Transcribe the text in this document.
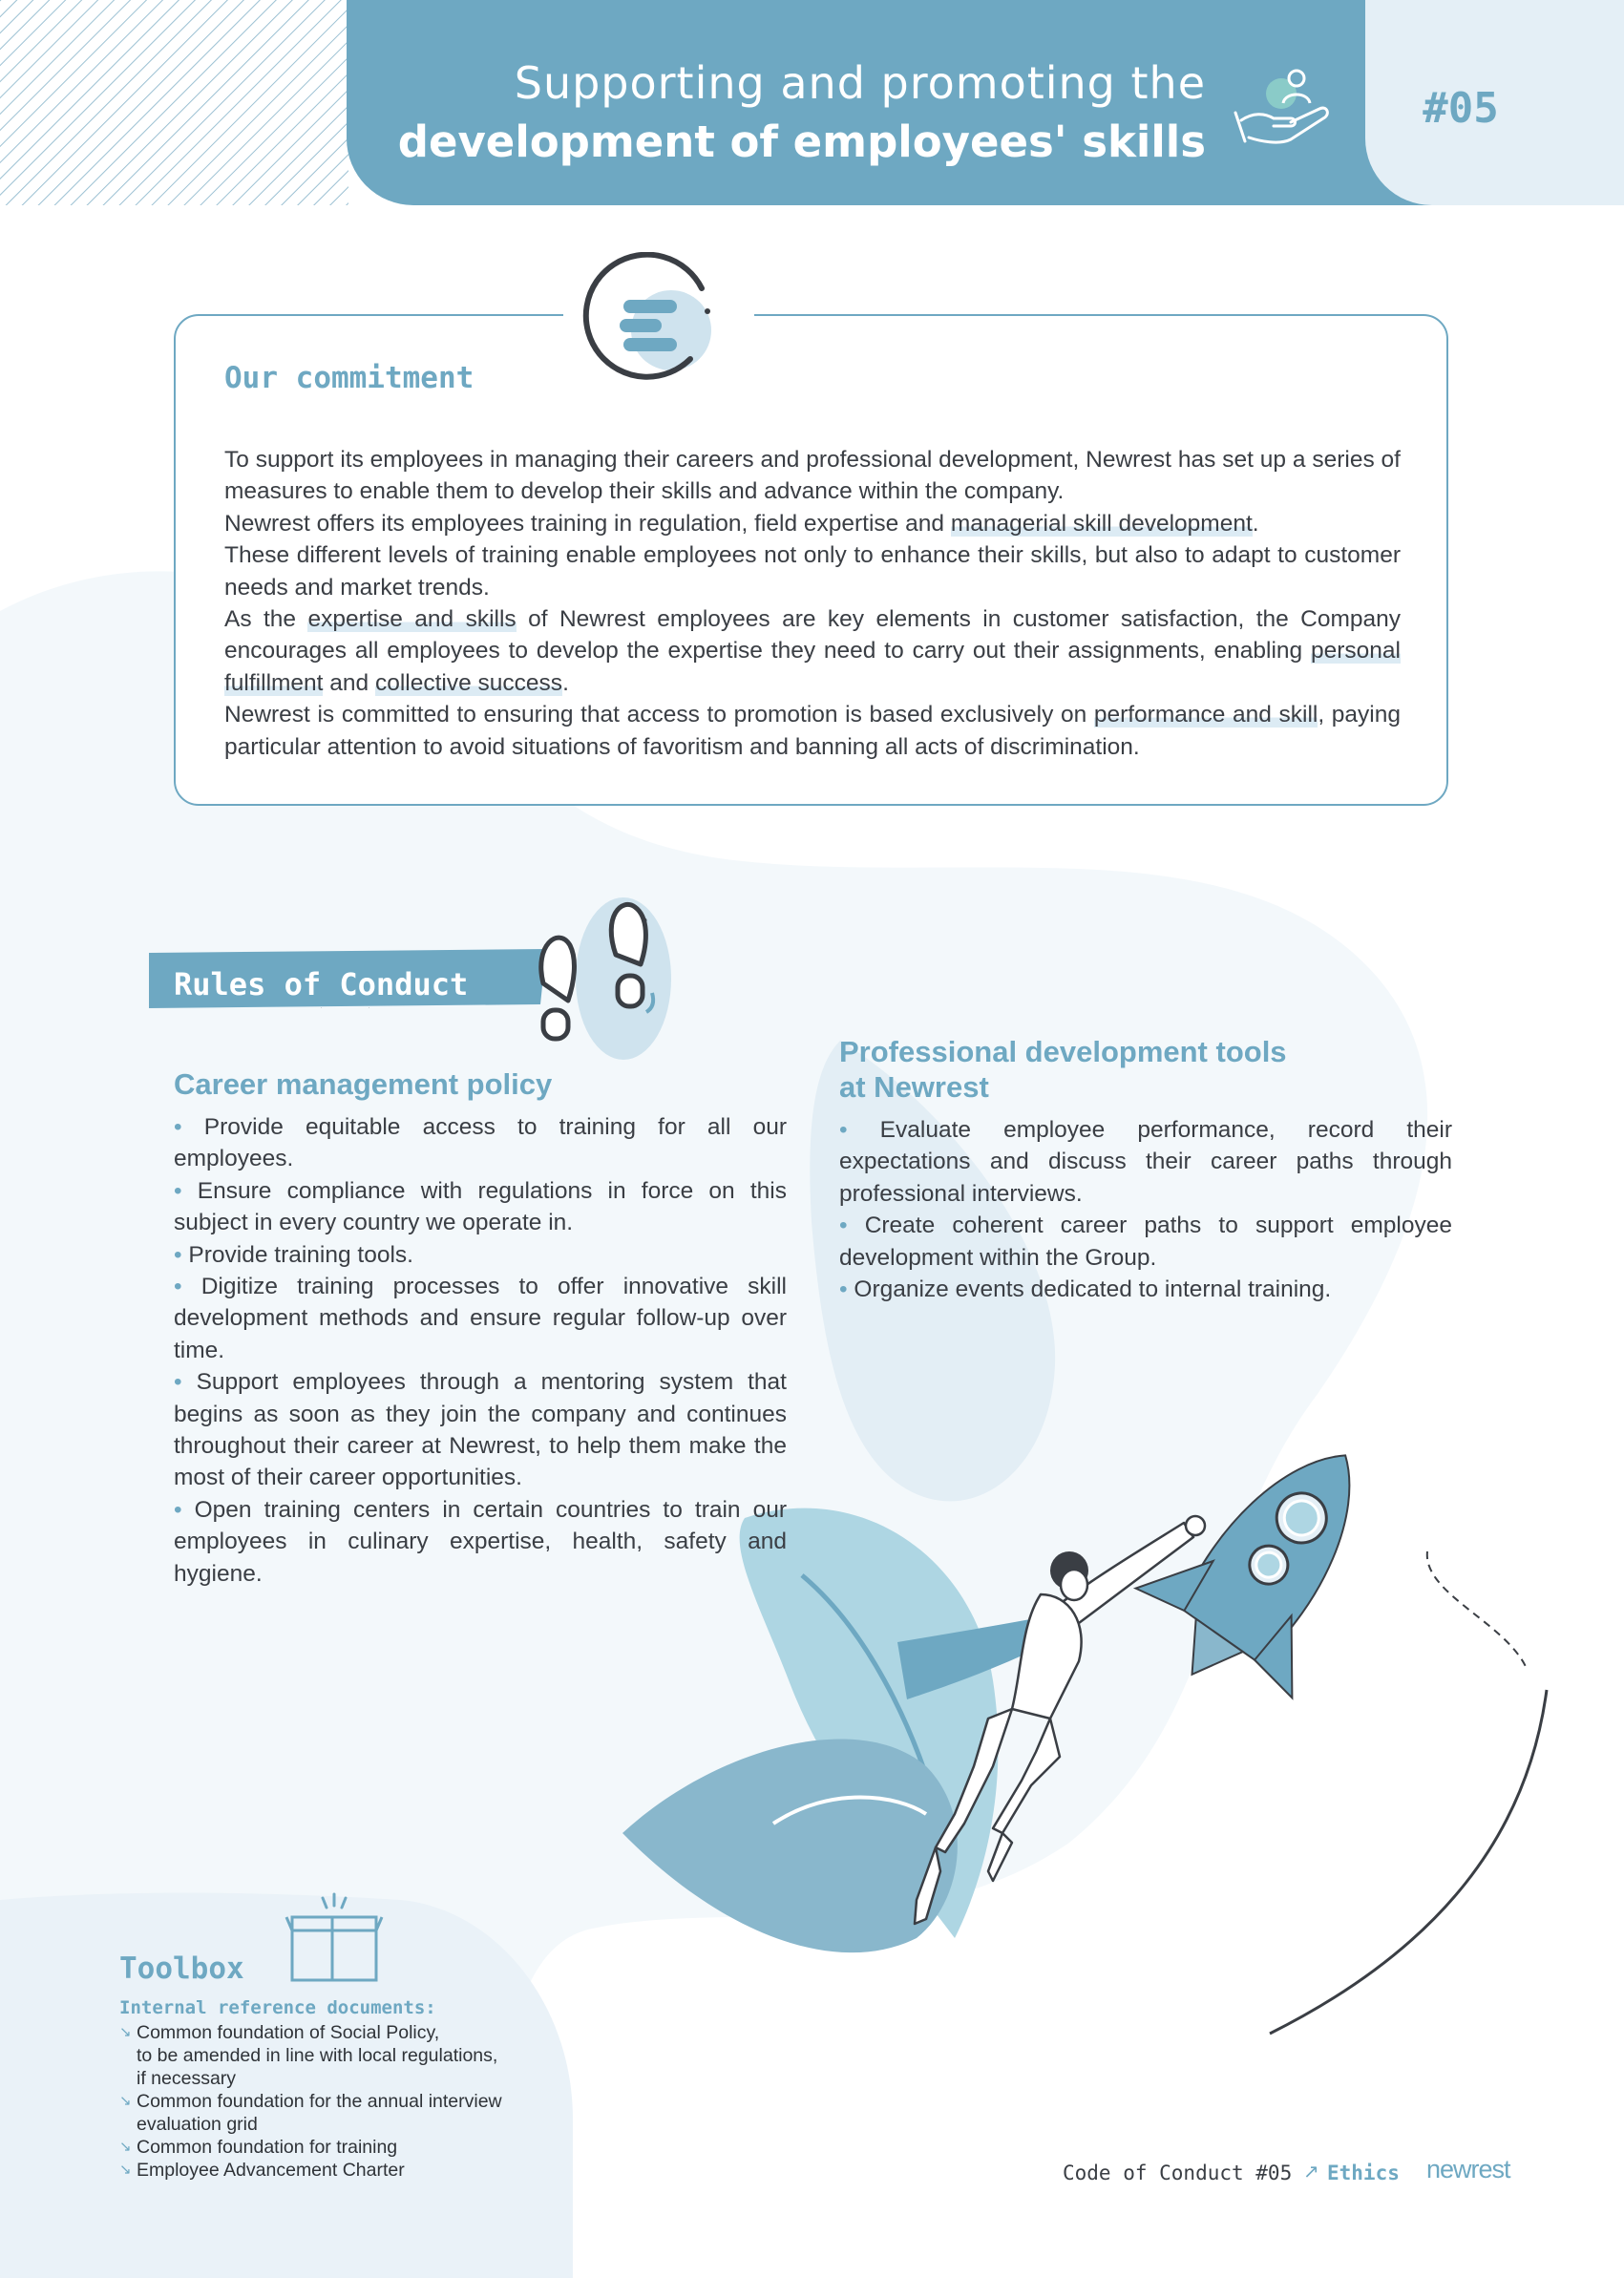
Supporting and promoting the
development of employees' skills
#05
Our commitment

To support its employees in managing their careers and professional development, Newrest has set up a series of measures to enable them to develop their skills and advance within the company.

Newrest offers its employees training in regulation, field expertise and managerial skill development.

These different levels of training enable employees not only to enhance their skills, but also to adapt to customer needs and market trends.

As the expertise and skills of Newrest employees are key elements in customer satisfaction, the Company encourages all employees to develop the expertise they need to carry out their assignments, enabling personal fulfillment and collective success.

Newrest is committed to ensuring that access to promotion is based exclusively on performance and skill, paying particular attention to avoid situations of favoritism and banning all acts of discrimination.

Rules of Conduct
Career management policy
• Provide equitable access to training for all our employees.
• Ensure compliance with regulations in force on this subject in every country we operate in.
• Provide training tools.
• Digitize training processes to offer innovative skill development methods and ensure regular follow-up over time.
• Support employees through a mentoring system that begins as soon as they join the company and continues throughout their career at Newrest, to help them make the most of their career opportunities.
• Open training centers in certain countries to train our employees in culinary expertise, health, safety and hygiene.
Professional development tools
at Newrest
• Evaluate employee performance, record their expectations and discuss their career paths through professional interviews.
• Create coherent career paths to support employee development within the Group.
• Organize events dedicated to internal training.
Toolbox
Internal reference documents:
↘ Common foundation of Social Policy,
to be amended in line with local regulations,
if necessary
↘ Common foundation for the annual interview
evaluation grid
↘ Common foundation for training
↘ Employee Advancement Charter	Code of Conduct #05 ↗ Ethics newrest
